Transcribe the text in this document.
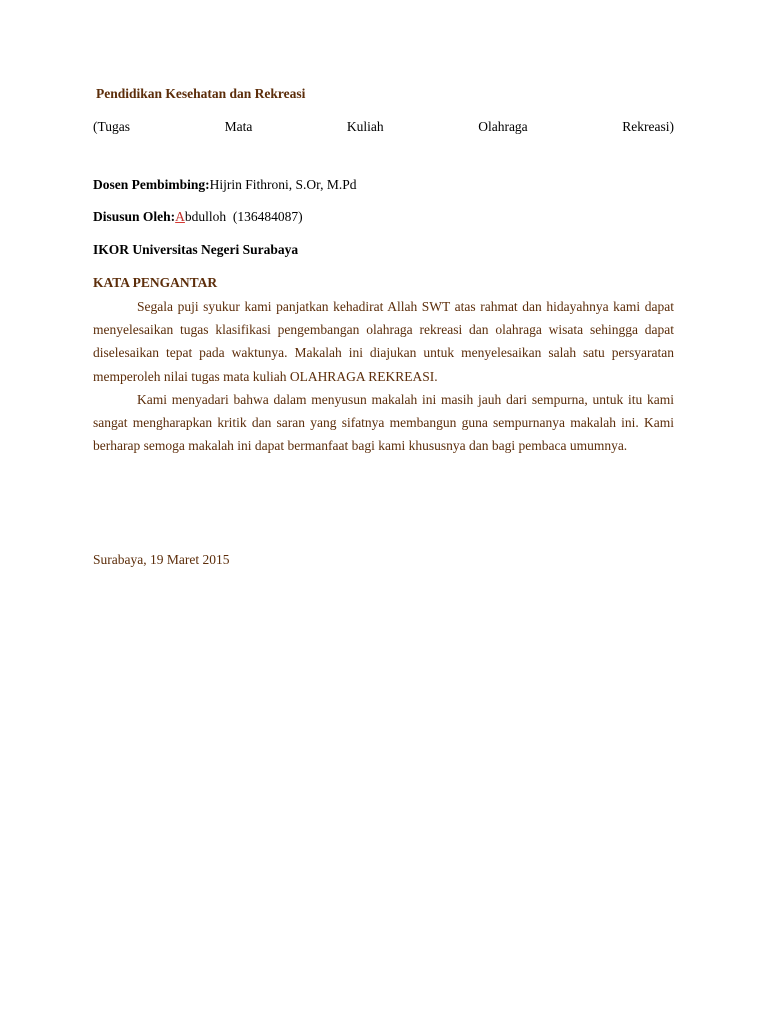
Pendidikan Kesehatan dan Rekreasi
(Tugas	Mata	Kuliah	Olahraga	Rekreasi)
Dosen Pembimbing:Hijrin Fithroni, S.Or, M.Pd
Disusun Oleh:Abdulloh  (136484087)
IKOR Universitas Negeri Surabaya
KATA PENGANTAR

Segala puji syukur kami panjatkan kehadirat Allah SWT atas rahmat dan hidayahnya kami dapat menyelesaikan tugas klasifikasi pengembangan olahraga rekreasi dan olahraga wisata sehingga dapat diselesaikan tepat pada waktunya. Makalah ini diajukan untuk menyelesaikan salah satu persyaratan memperoleh nilai tugas mata kuliah OLAHRAGA REKREASI.

Kami menyadari bahwa dalam menyusun makalah ini masih jauh dari sempurna, untuk itu kami sangat mengharapkan kritik dan saran yang sifatnya membangun guna sempurnanya makalah ini. Kami berharap semoga makalah ini dapat bermanfaat bagi kami khususnya dan bagi pembaca umumnya.

Surabaya, 19 Maret 2015
